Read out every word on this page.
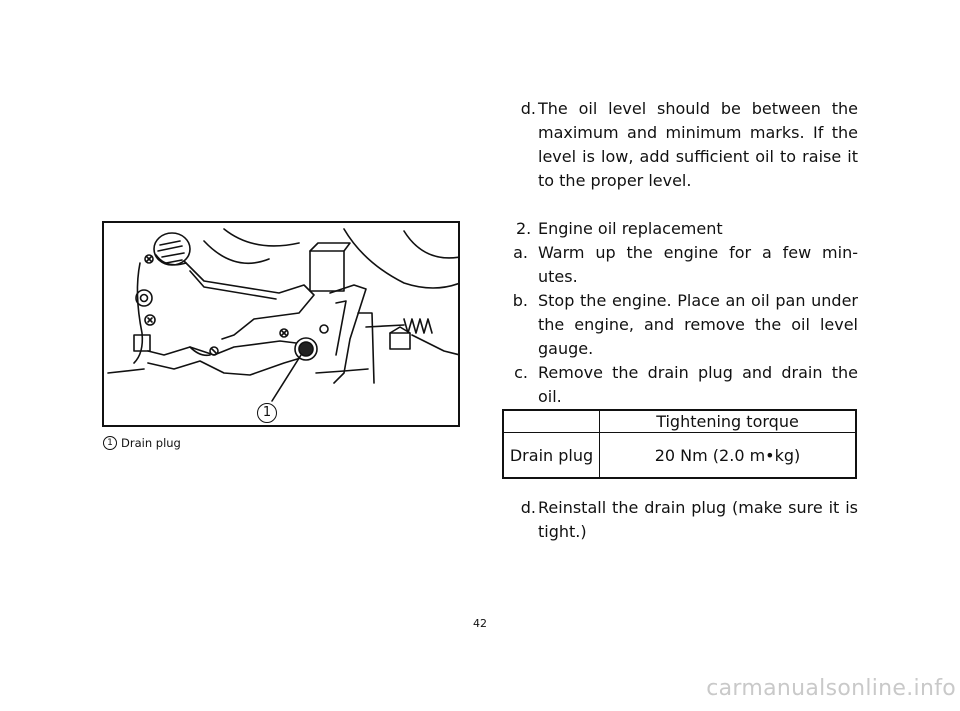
1
1 Drain plug
d. The oil level should be between the maximum and minimum marks. If the level is low, add sufficient oil to raise it to the proper level.
2. Engine oil replacement
a. Warm up the engine for a few min- utes.
b. Stop the engine. Place an oil pan under the engine, and remove the oil level gauge.
c. Remove the drain plug and drain the oil.
	Tightening torque
Drain plug	20 Nm (2.0 m•kg)
d. Reinstall the drain plug (make sure it is tight.)
42
carmanualsonline.info
